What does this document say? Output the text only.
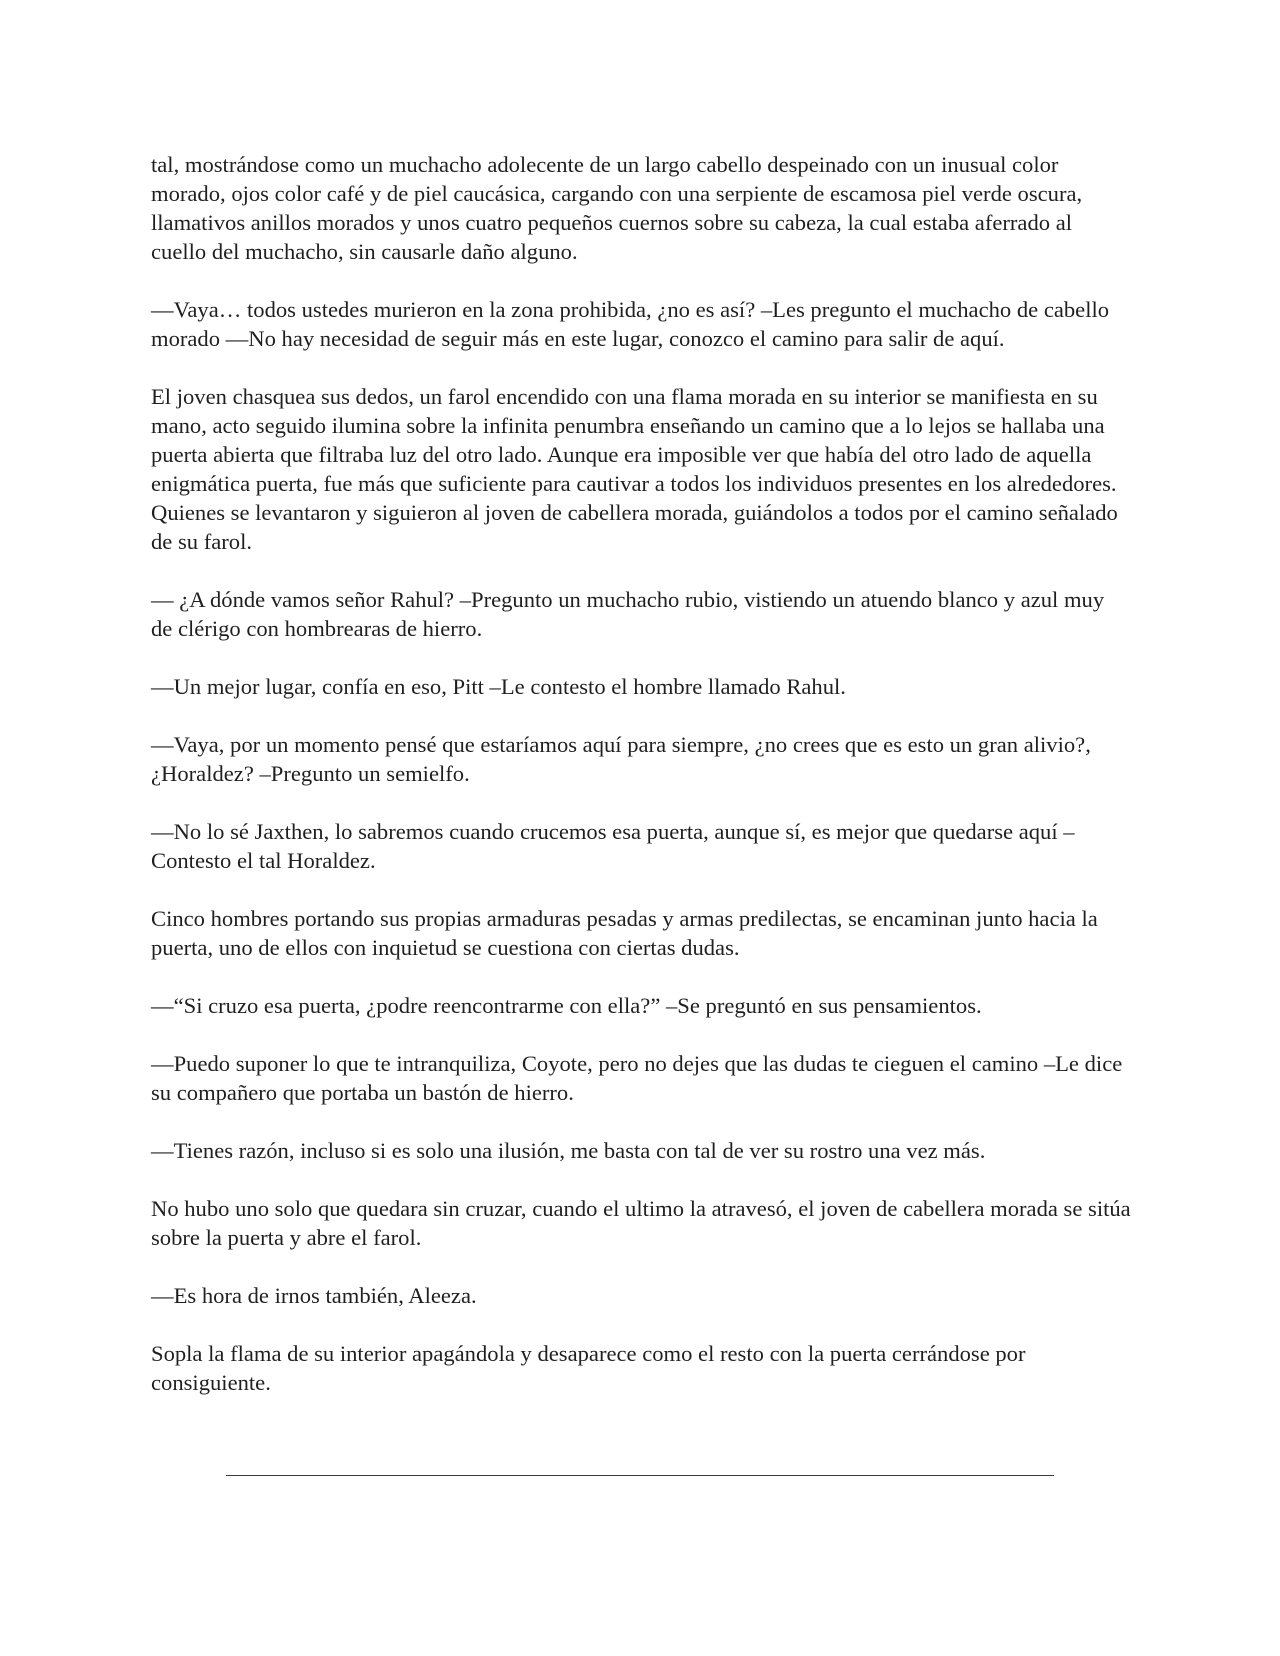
tal, mostrándose como un muchacho adolecente de un largo cabello despeinado con un inusual color morado, ojos color café y de piel caucásica, cargando con una serpiente de escamosa piel verde oscura, llamativos anillos morados y unos cuatro pequeños cuernos sobre su cabeza, la cual estaba aferrado al cuello del muchacho, sin causarle daño alguno.

—Vaya… todos ustedes murieron en la zona prohibida, ¿no es así? –Les pregunto el muchacho de cabello morado —No hay necesidad de seguir más en este lugar, conozco el camino para salir de aquí.

El joven chasquea sus dedos, un farol encendido con una flama morada en su interior se manifiesta en su mano, acto seguido ilumina sobre la infinita penumbra enseñando un camino que a lo lejos se hallaba una puerta abierta que filtraba luz del otro lado. Aunque era imposible ver que había del otro lado de aquella enigmática puerta, fue más que suficiente para cautivar a todos los individuos presentes en los alrededores. Quienes se levantaron y siguieron al joven de cabellera morada, guiándolos a todos por el camino señalado de su farol.

— ¿A dónde vamos señor Rahul? –Pregunto un muchacho rubio, vistiendo un atuendo blanco y azul muy de clérigo con hombrearas de hierro.

—Un mejor lugar, confía en eso, Pitt –Le contesto el hombre llamado Rahul.

—Vaya, por un momento pensé que estaríamos aquí para siempre, ¿no crees que es esto un gran alivio?, ¿Horaldez? –Pregunto un semielfo.

—No lo sé Jaxthen, lo sabremos cuando crucemos esa puerta, aunque sí, es mejor que quedarse aquí –Contesto el tal Horaldez.

Cinco hombres portando sus propias armaduras pesadas y armas predilectas, se encaminan junto hacia la puerta, uno de ellos con inquietud se cuestiona con ciertas dudas.

—“Si cruzo esa puerta, ¿podre reencontrarme con ella?” –Se preguntó en sus pensamientos.

—Puedo suponer lo que te intranquiliza, Coyote, pero no dejes que las dudas te cieguen el camino –Le dice su compañero que portaba un bastón de hierro.

—Tienes razón, incluso si es solo una ilusión, me basta con tal de ver su rostro una vez más.

No hubo uno solo que quedara sin cruzar, cuando el ultimo la atravesó, el joven de cabellera morada se sitúa sobre la puerta y abre el farol.

—Es hora de irnos también, Aleeza.

Sopla la flama de su interior apagándola y desaparece como el resto con la puerta cerrándose por consiguiente.
